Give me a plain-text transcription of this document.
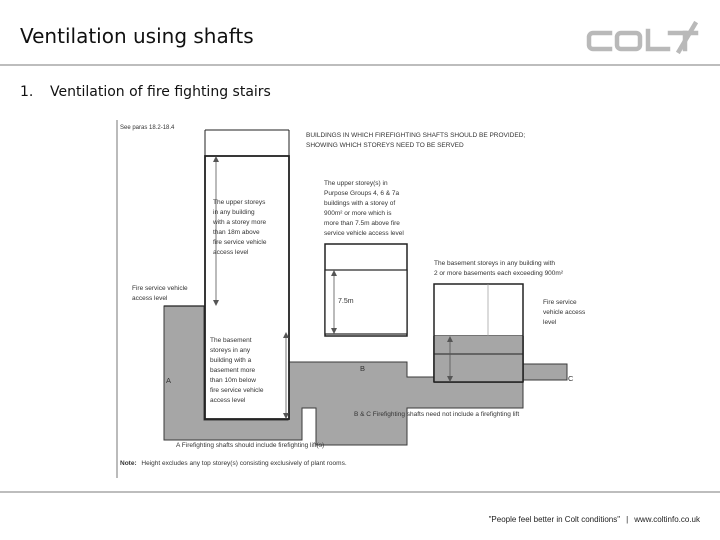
Ventilation using shafts
1. Ventilation of fire fighting stairs
See paras 18.2-18.4
BUILDINGS IN WHICH FIREFIGHTING SHAFTS SHOULD BE PROVIDED; SHOWING WHICH STOREYS NEED TO BE SERVED
The upper storeys in any building with a storey more than 18m above fire service vehicle access level
Fire service vehicle access level
The basement storeys in any building with a basement more than 10m below fire service vehicle access level
A
7.5m
The upper storey(s) in Purpose Groups 4, 6 & 7a buildings with a storey of 900m² or more which is more than 7.5m above fire service vehicle access level
B
The basement storeys in any building with 2 or more basements each exceeding 900m²
Fire service vehicle access level
C
B & C Firefighting shafts need not include a firefighting lift
A Firefighting shafts should include firefighting lift(s)
Note: Height excludes any top storey(s) consisting exclusively of plant rooms.
"People feel better in Colt conditions" | www.coltinfo.co.uk
